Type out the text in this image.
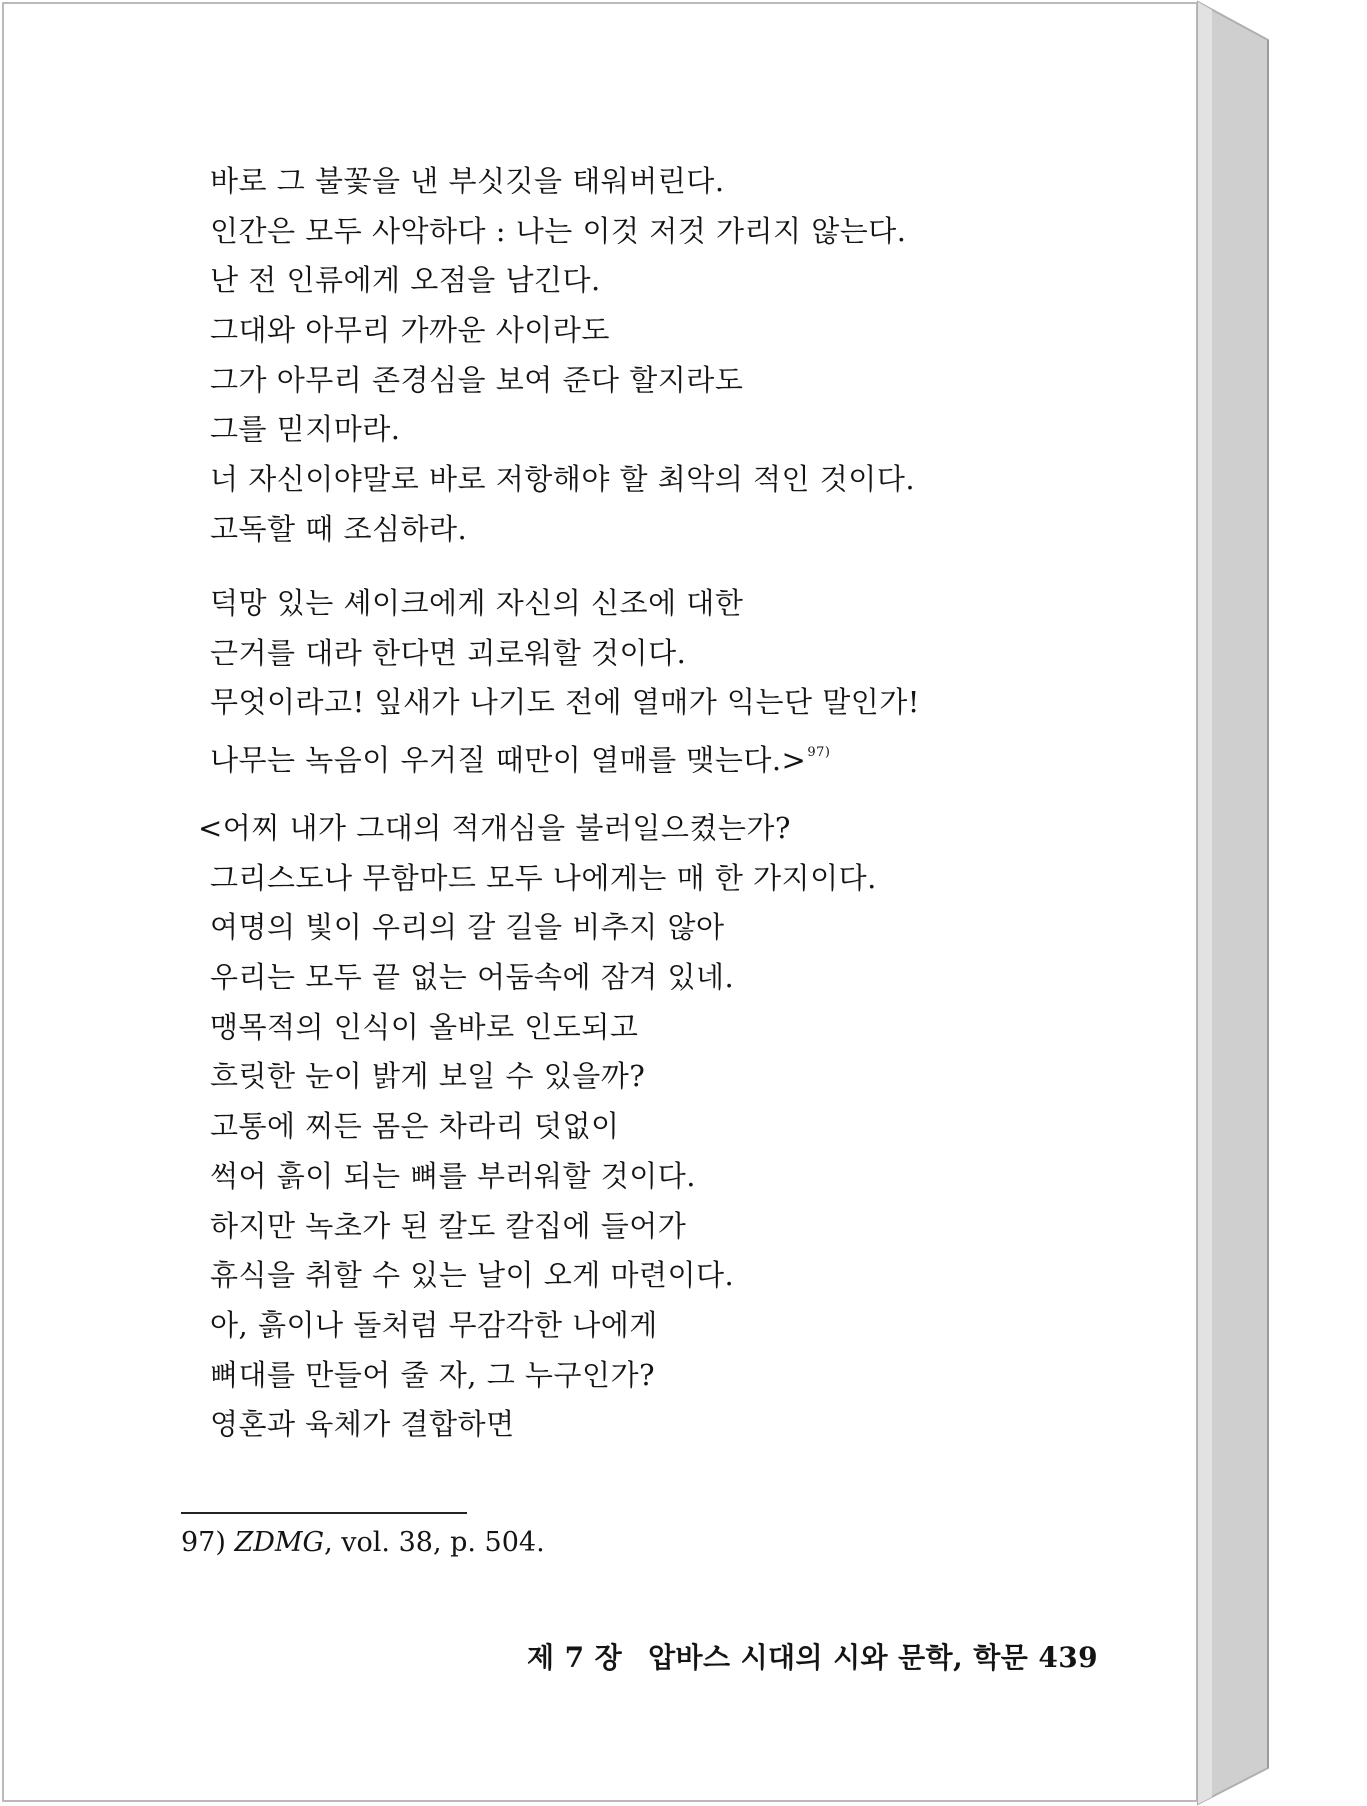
바로 그 불꽃을 낸 부싯깃을 태워버린다.
인간은 모두 사악하다 : 나는 이것 저것 가리지 않는다.
난 전 인류에게 오점을 남긴다.
그대와 아무리 가까운 사이라도
그가 아무리 존경심을 보여 준다 할지라도
그를 믿지마라.
너 자신이야말로 바로 저항해야 할 최악의 적인 것이다.
고독할 때 조심하라.
덕망 있는 셰이크에게 자신의 신조에 대한
근거를 대라 한다면 괴로워할 것이다.
무엇이라고! 잎새가 나기도 전에 열매가 익는단 말인가!
나무는 녹음이 우거질 때만이 열매를 맺는다.>$^{97)}$
<어찌 내가 그대의 적개심을 불러일으켰는가?
그리스도나 무함마드 모두 나에게는 매 한 가지이다.
여명의 빛이 우리의 갈 길을 비추지 않아
우리는 모두 끝 없는 어둠속에 잠겨 있네.
맹목적의 인식이 올바로 인도되고
흐릿한 눈이 밝게 보일 수 있을까?
고통에 찌든 몸은 차라리 덧없이
썩어 흙이 되는 뼈를 부러워할 것이다.
하지만 녹초가 된 칼도 칼집에 들어가
휴식을 취할 수 있는 날이 오게 마련이다.
아, 흙이나 돌처럼 무감각한 나에게
뼈대를 만들어 줄 자, 그 누구인가?
영혼과 육체가 결합하면
97) ZDMG, vol. 38, p. 504.
제 7 장 압바스 시대의 시와 문학, 학문 439
